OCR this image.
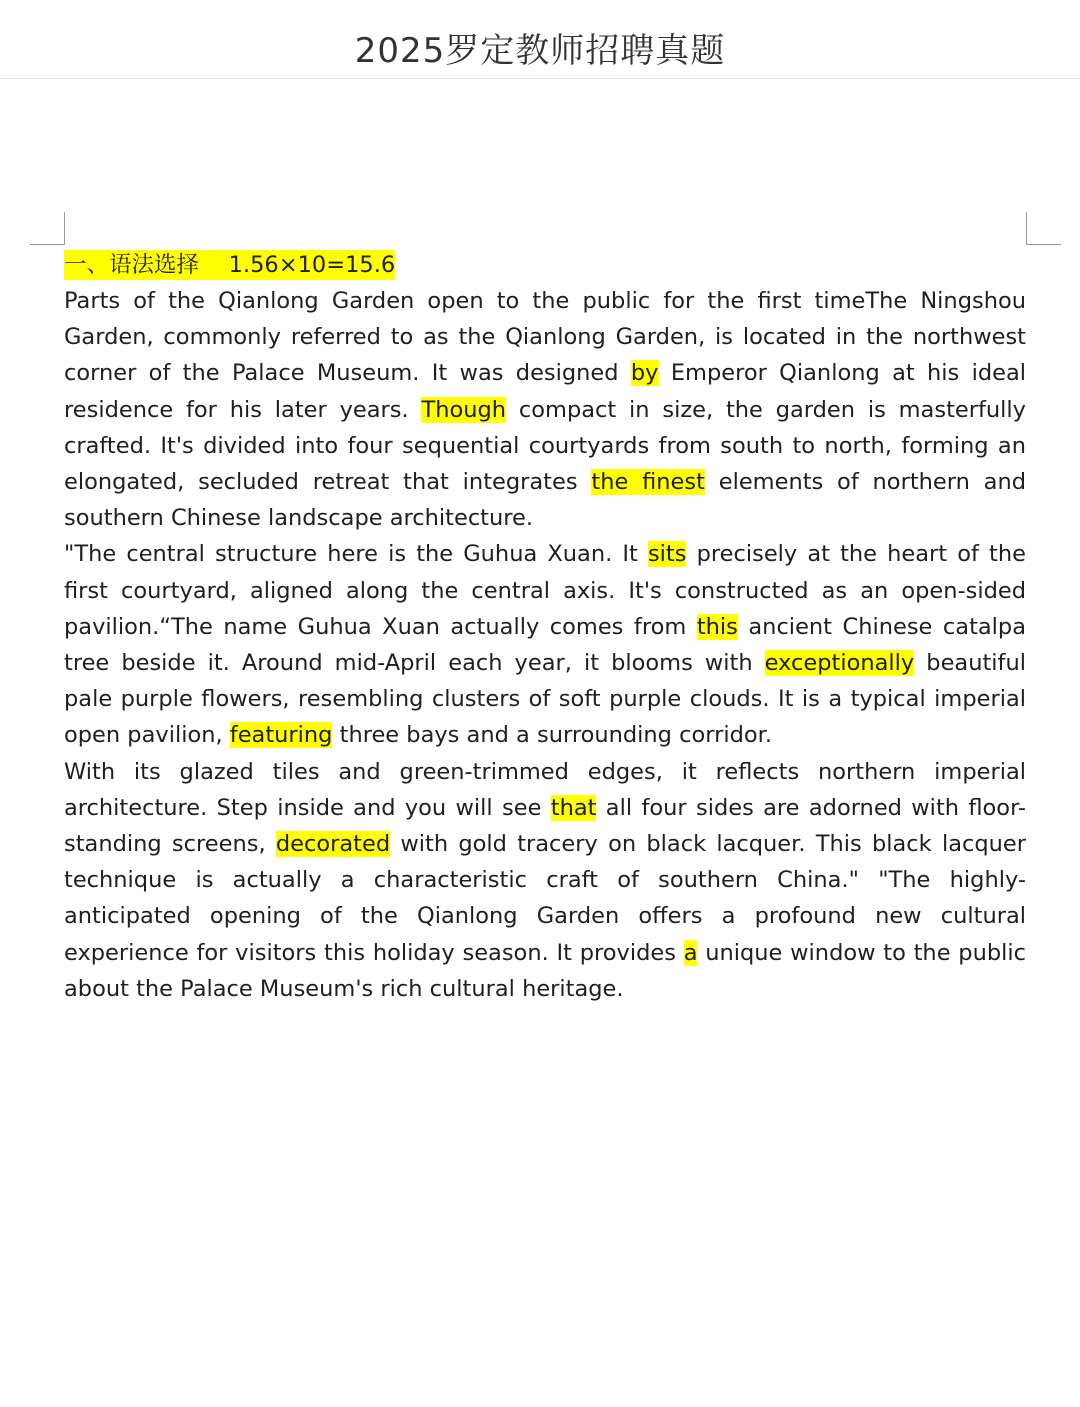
2025罗定教师招聘真题

一、语法选择　 1.56×10=15.6

Parts of the Qianlong Garden open to the public for the first timeThe Ningshou Garden, commonly referred to as the Qianlong Garden, is located in the northwest corner of the Palace Museum. It was designed by Emperor Qianlong at his ideal residence for his later years. Though compact in size, the garden is masterfully crafted. It's divided into four sequential courtyards from south to north, forming an elongated, secluded retreat that integrates the finest elements of northern and southern Chinese landscape architecture.

"The central structure here is the Guhua Xuan. It sits precisely at the heart of the first courtyard, aligned along the central axis. It's constructed as an open-sided pavilion.“The name Guhua Xuan actually comes from this ancient Chinese catalpa tree beside it. Around mid-April each year, it blooms with exceptionally beautiful pale purple flowers, resembling clusters of soft purple clouds. It is a typical imperial open pavilion, featuring three bays and a surrounding corridor.

With its glazed tiles and green-trimmed edges, it reflects northern imperial architecture. Step inside and you will see that all four sides are adorned with floor-standing screens, decorated with gold tracery on black lacquer. This black lacquer technique is actually a characteristic craft of southern China." "The highly-anticipated opening of the Qianlong Garden offers a profound new cultural experience for visitors this holiday season. It provides a unique window to the public about the Palace Museum's rich cultural heritage.
